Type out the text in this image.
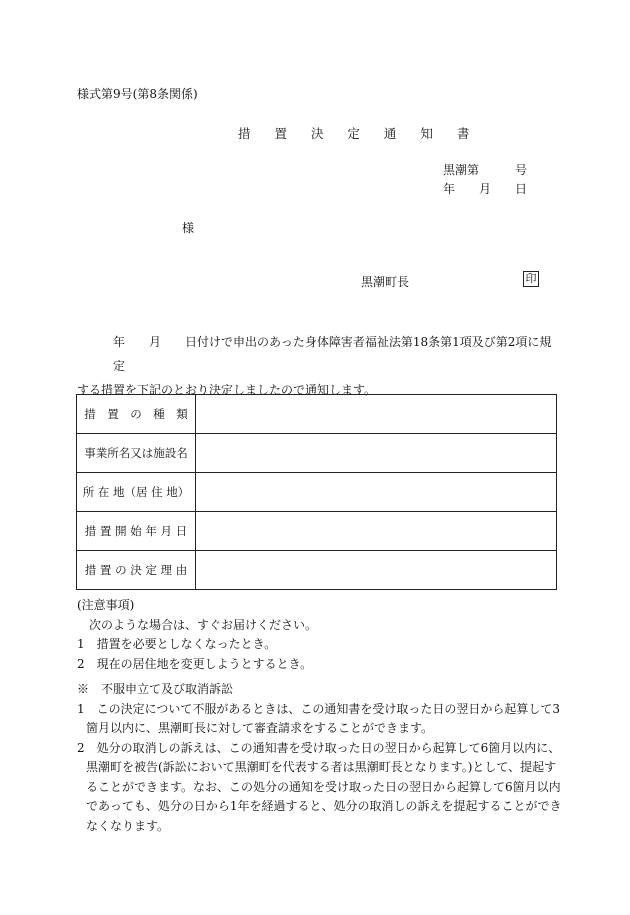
様式第9号(第8条関係)
措 置 決 定 通 知 書
黒潮第　　　号
年　　月　　日
様
黒潮町長	印
年　　月　　日付けで申出のあった身体障害者福祉法第18条第1項及び第2項に規定
する措置を下記のとおり決定しましたので通知します。
措　置　の　種　類	
事業所名又は施設名	
所 在 地（居 住 地）	
措 置 開 始 年 月 日	
措 置 の 決 定 理 由	
(注意事項)
次のような場合は、すぐお届けください。
1　措置を必要としなくなったとき。
2　現在の居住地を変更しようとするとき。
※　不服申立て及び取消訴訟
1　この決定について不服があるときは、この通知書を受け取った日の翌日から起算して3
箇月以内に、黒潮町長に対して審査請求をすることができます。
2　処分の取消しの訴えは、この通知書を受け取った日の翌日から起算して6箇月以内に、
黒潮町を被告(訴訟において黒潮町を代表する者は黒潮町長となります。)として、提起す
ることができます。なお、この処分の通知を受け取った日の翌日から起算して6箇月以内
であっても、処分の日から1年を経過すると、処分の取消しの訴えを提起することができ
なくなります。
